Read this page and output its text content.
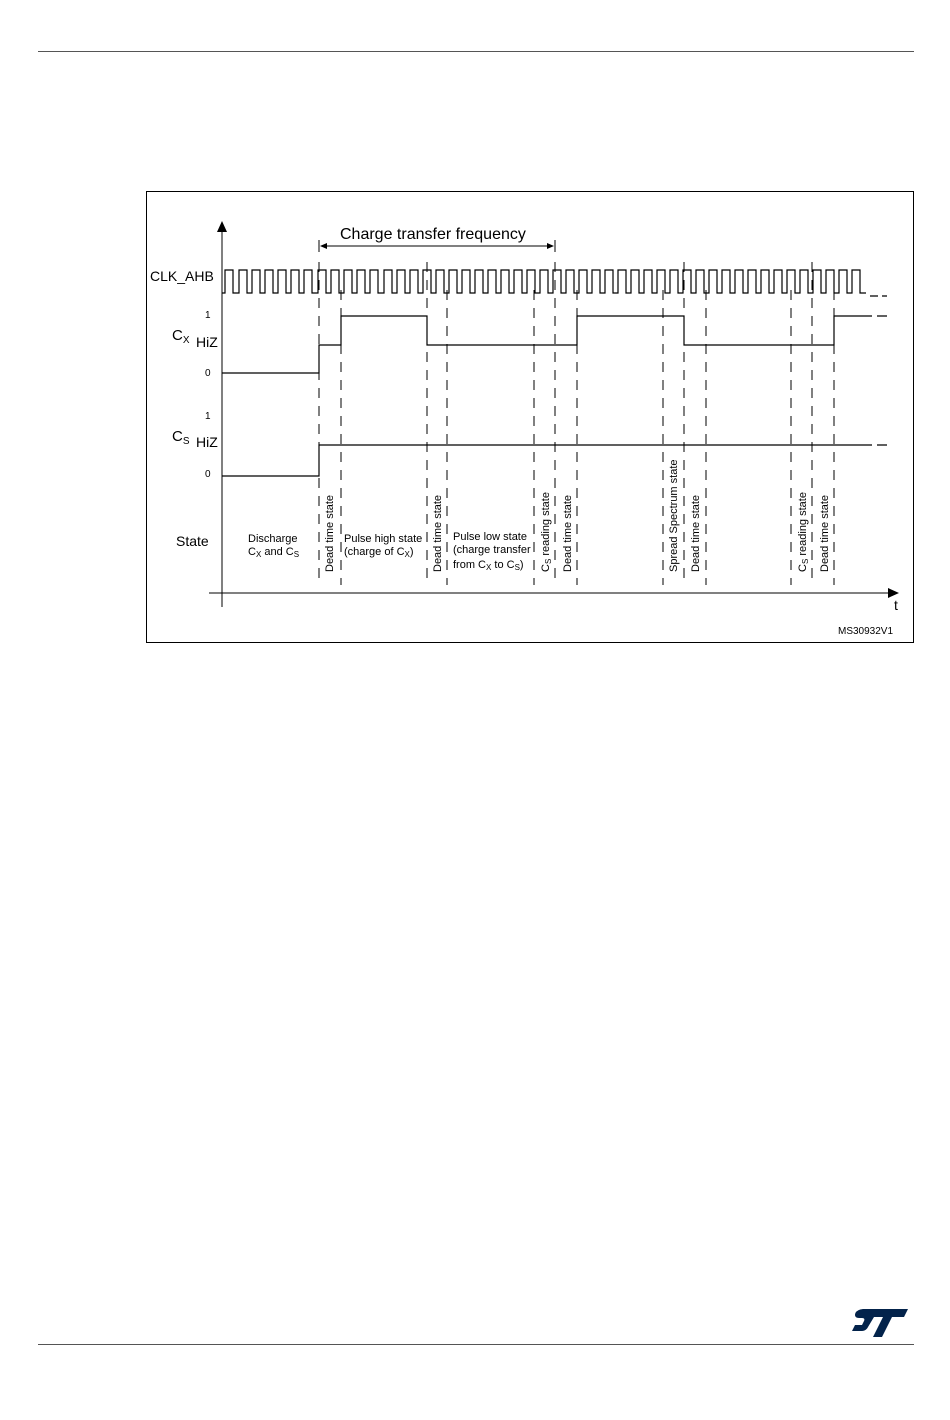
t
Charge transfer frequency
CLK_AHB
1
$C_X$ HiZ
0
1
$C_S$ HiZ
0
State	Discharge
CX and CS
Pulse high state
(charge of CX)
Pulse low state
(charge transfer
from CX to CS)
Dead time state	Dead time state	CS reading state Dead time state	Spread Spectrum state Dead time state	CS reading state Dead time state
MS30932V1
